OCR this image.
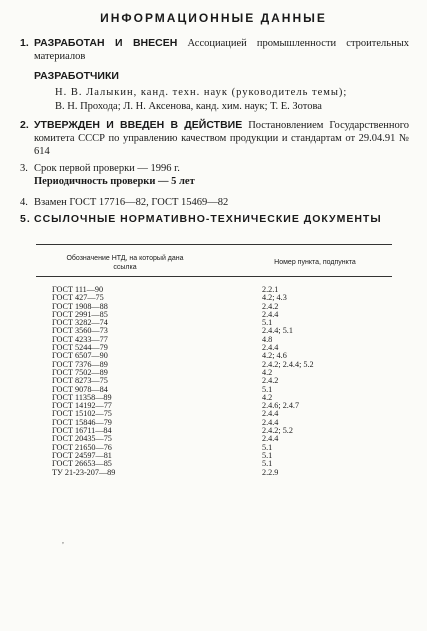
ИНФОРМАЦИОННЫЕ ДАННЫЕ
1. РАЗРАБОТАН И ВНЕСЕН Ассоциацией промышленности строительных материалов
РАЗРАБОТЧИКИ
Н. В. Лалыкин, канд. техн. наук (руководитель темы);
В. Н. Прохода; Л. Н. Аксенова, канд. хим. наук; Т. Е. Зотова
2. УТВЕРЖДЕН И ВВЕДЕН В ДЕЙСТВИЕ Постановлением Государственного комитета СССР по управлению качеством продукции и стандартам от 29.04.91 № 614
3. Срок первой проверки — 1996 г.
Периодичность проверки — 5 лет
4. Взамен ГОСТ 17716—82, ГОСТ 15469—82
5. ССЫЛОЧНЫЕ НОРМАТИВНО-ТЕХНИЧЕСКИЕ ДОКУМЕНТЫ
Обозначение НТД, на который дана ссылка
Номер пункта, подпункта
ГОСТ 111—90	2.2.1
ГОСТ 427—75	4.2; 4.3
ГОСТ 1908—88	2.4.2
ГОСТ 2991—85	2.4.4
ГОСТ 3282—74	5.1
ГОСТ 3560—73	2.4.4; 5.1
ГОСТ 4233—77	4.8
ГОСТ 5244—79	2.4.4
ГОСТ 6507—90	4.2; 4.6
ГОСТ 7376—89	2.4.2; 2.4.4; 5.2
ГОСТ 7502—89	4.2
ГОСТ 8273—75	2.4.2
ГОСТ 9078—84	5.1
ГОСТ 11358—89	4.2
ГОСТ 14192—77	2.4.6; 2.4.7
ГОСТ 15102—75	2.4.4
ГОСТ 15846—79	2.4.4
ГОСТ 16711—84	2.4.2; 5.2
ГОСТ 20435—75	2.4.4
ГОСТ 21650—76	5.1
ГОСТ 24597—81	5.1
ГОСТ 26653—85	5.1
ТУ 21-23-207—89	2.2.9
,
